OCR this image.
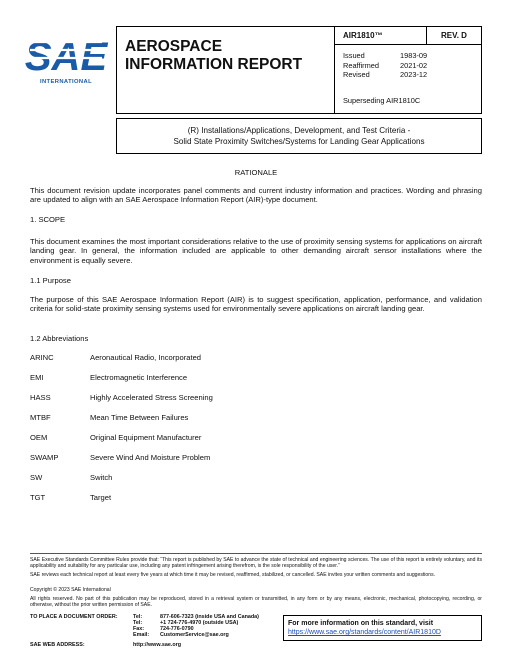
SAE
INTERNATIONAL
AEROSPACE
INFORMATION REPORT
AIR1810™	REV. D
Issued	1983-09
Reaffirmed	2021-02
Revised	2023-12
Superseding AIR1810C
(R) Installations/Applications, Development, and Test Criteria -
Solid State Proximity Switches/Systems for Landing Gear Applications
RATIONALE
This document revision update incorporates panel comments and current industry information and practices. Wording and phrasing are updated to align with an SAE Aerospace Information Report (AIR)-type document.
1. SCOPE
This document examines the most important considerations relative to the use of proximity sensing systems for applications on aircraft landing gear. In general, the information included are applicable to other demanding aircraft sensor installations where the environment is equally severe.
1.1 Purpose
The purpose of this SAE Aerospace Information Report (AIR) is to suggest specification, application, performance, and validation criteria for solid-state proximity sensing systems used for environmentally severe applications on aircraft landing gear.
1.2 Abbreviations
ARINC	Aeronautical Radio, Incorporated
EMI	Electromagnetic Interference
HASS	Highly Accelerated Stress Screening
MTBF	Mean Time Between Failures
OEM	Original Equipment Manufacturer
SWAMP	Severe Wind And Moisture Problem
SW	Switch
TGT	Target
SAE Executive Standards Committee Rules provide that: “This report is published by SAE to advance the state of technical and engineering sciences. The use of this report is entirely voluntary, and its applicability and suitability for any particular use, including any patent infringement arising therefrom, is the sole responsibility of the user.”
SAE reviews each technical report at least every five years at which time it may be revised, reaffirmed, stabilized, or cancelled. SAE invites your written comments and suggestions.
Copyright © 2023 SAE International
All rights reserved. No part of this publication may be reproduced, stored in a retrieval system or transmitted, in any form or by any means, electronic, mechanical, photocopying, recording, or otherwise, without the prior written permission of SAE.
TO PLACE A DOCUMENT ORDER:	Tel:	877-606-7323 (inside USA and Canada)
Tel:	+1 724-776-4970 (outside USA)
Fax:	724-776-0790
Email: CustomerService@sae.org
SAE WEB ADDRESS:	http://www.sae.org
For more information on this standard, visit
https://www.sae.org/standards/content/AIR1810D
